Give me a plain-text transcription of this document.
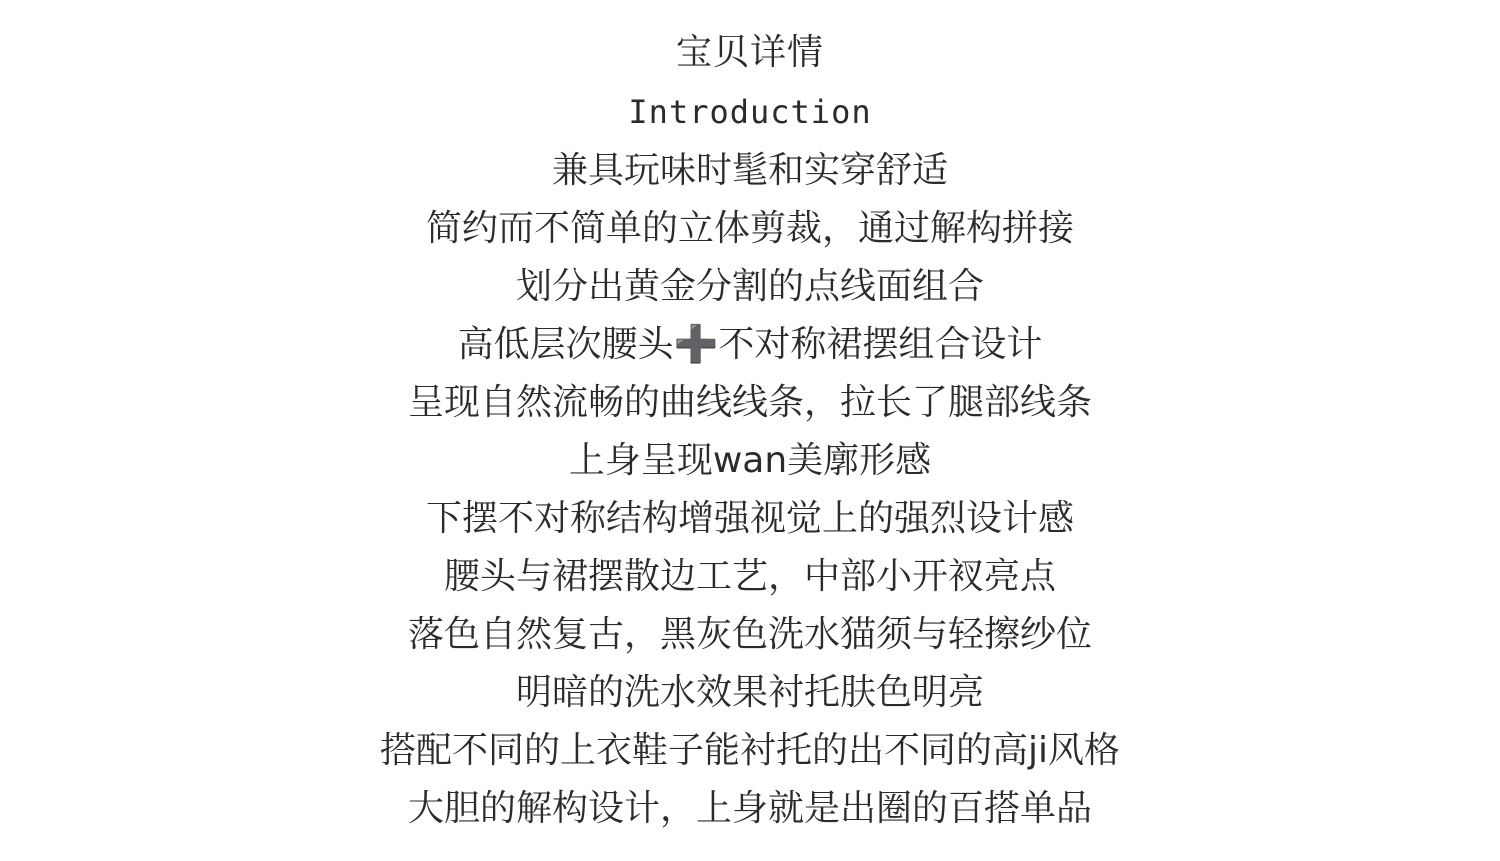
宝贝详情
Introduction
兼具玩味时髦和实穿舒适
简约而不简单的立体剪裁，通过解构拼接
划分出黄金分割的点线面组合
高低层次腰头➕不对称裙摆组合设计
呈现自然流畅的曲线线条，拉长了腿部线条
上身呈现wan美廓形感
下摆不对称结构增强视觉上的强烈设计感
腰头与裙摆散边工艺，中部小开衩亮点
落色自然复古，黑灰色洗水猫须与轻擦纱位
明暗的洗水效果衬托肤色明亮
搭配不同的上衣鞋子能衬托的出不同的高ji风格
大胆的解构设计，上身就是出圈的百搭单品
